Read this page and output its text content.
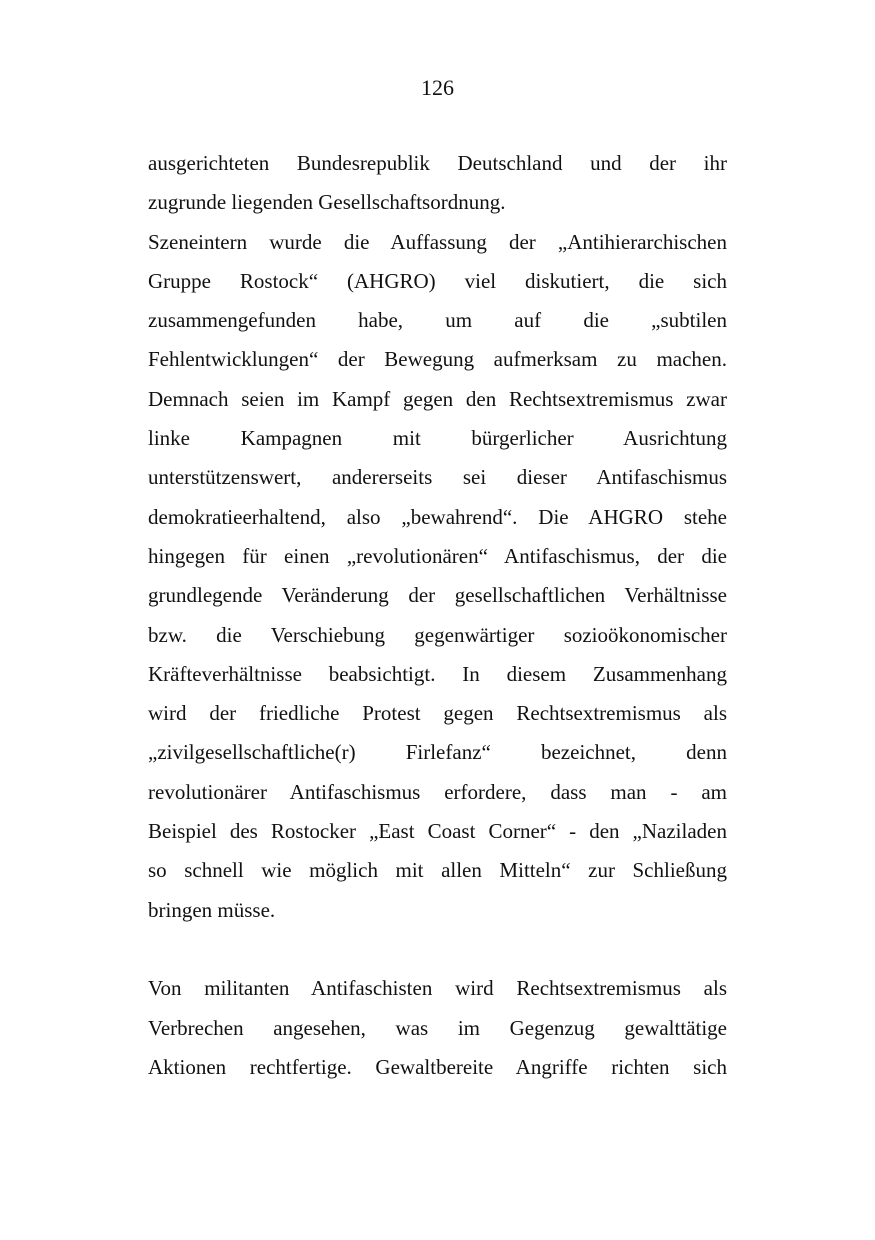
126

ausgerichteten Bundesrepublik Deutschland und der ihr
zugrunde liegenden Gesellschaftsordnung.

Szeneintern wurde die Auffassung der „Antihierarchischen
Gruppe Rostock“ (AHGRO) viel diskutiert, die sich
zusammengefunden habe, um auf die „subtilen
Fehlentwicklungen“ der Bewegung aufmerksam zu machen.
Demnach seien im Kampf gegen den Rechtsextremismus zwar
linke Kampagnen mit bürgerlicher Ausrichtung
unterstützenswert, andererseits sei dieser Antifaschismus
demokratieerhaltend, also „bewahrend“. Die AHGRO stehe
hingegen für einen „revolutionären“ Antifaschismus, der die
grundlegende Veränderung der gesellschaftlichen Verhältnisse
bzw. die Verschiebung gegenwärtiger sozioökonomischer
Kräfteverhältnisse beabsichtigt. In diesem Zusammenhang
wird der friedliche Protest gegen Rechtsextremismus als
„zivilgesellschaftliche(r) Firlefanz“ bezeichnet, denn
revolutionärer Antifaschismus erfordere, dass man - am
Beispiel des Rostocker „East Coast Corner“ - den „Naziladen
so schnell wie möglich mit allen Mitteln“ zur Schließung
bringen müsse.

Von militanten Antifaschisten wird Rechtsextremismus als
Verbrechen angesehen, was im Gegenzug gewalttätige
Aktionen rechtfertige. Gewaltbereite Angriffe richten sich
